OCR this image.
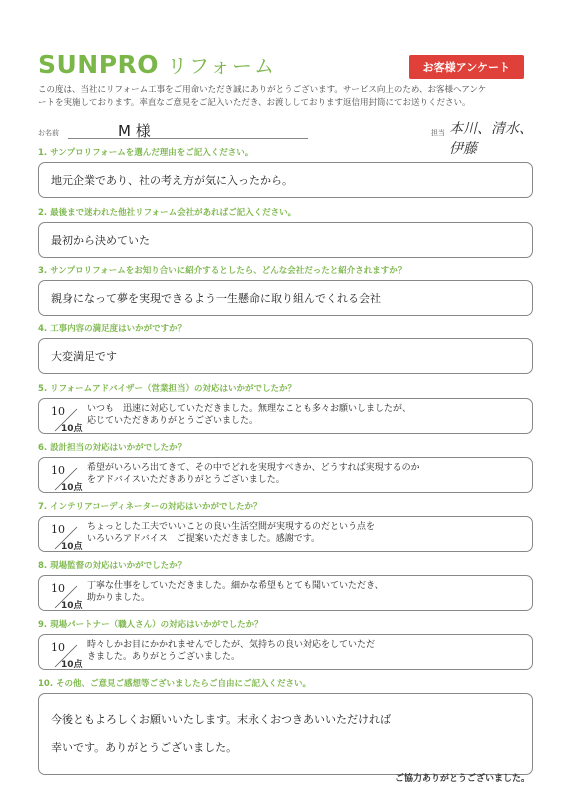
SUNPRO リフォーム	お客様アンケート
この度は、当社にリフォーム工事をご用命いただき誠にありがとうございます。サービス向上のため、お客様へアンケ
ートを実施しております。率直なご意見をご記入いただき、お渡ししております返信用封筒にてお送りください。
お名前	M 様	担当 本川、清水、伊藤
1. サンプロリフォームを選んだ理由をご記入ください。
地元企業であり、社の考え方が気に入ったから。
2. 最後まで迷われた他社リフォーム会社があればご記入ください。
最初から決めていた
3. サンプロリフォームをお知り合いに紹介するとしたら、どんな会社だったと紹介されますか？
親身になって夢を実現できるよう一生懸命に取り組んでくれる会社
4. 工事内容の満足度はいかがですか？
大変満足です
5. リフォームアドバイザー（営業担当）の対応はいかがでしたか？
10
10点
いつも　迅速に対応していただきました。無理なことも多々お願いしましたが、
応じていただきありがとうございました。
6. 設計担当の対応はいかがでしたか？
10
10点
希望がいろいろ出てきて、その中でどれを実現すべきか、どうすれば実現するのか
をアドバイスいただきありがとうございました。
7. インテリアコーディネーターの対応はいかがでしたか？
10
10点
ちょっとした工夫でいいことの良い生活空間が実現するのだという点を
いろいろアドバイス　ご提案いただきました。感謝です。
8. 現場監督の対応はいかがでしたか？
10
10点
丁寧な仕事をしていただきました。細かな希望もとても聞いていただき、
助かりました。
9. 現場パートナー（職人さん）の対応はいかがでしたか？
10
10点
時々しかお目にかかれませんでしたが、気持ちの良い対応をしていただ
きました。ありがとうございました。
10. その他、ご意見ご感想等ございましたらご自由にご記入ください。
今後ともよろしくお願いいたします。末永くおつきあいいただければ
幸いです。ありがとうございました。
ご協力ありがとうございました。
